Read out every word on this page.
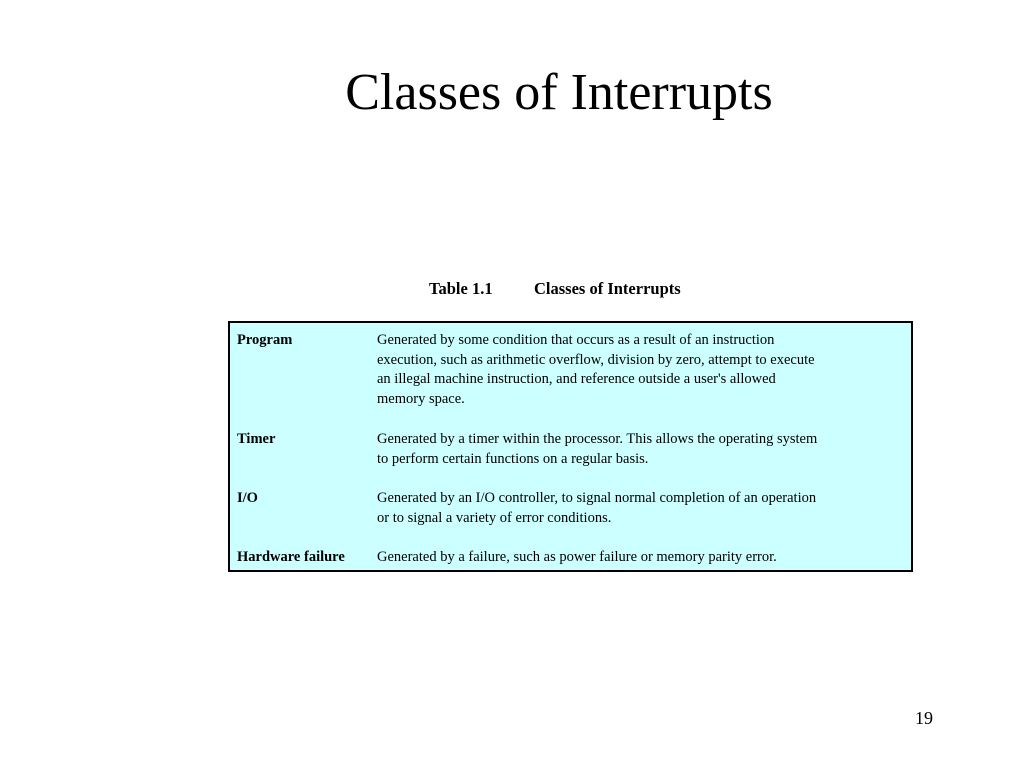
Classes of Interrupts
Table 1.1	Classes of Interrupts
Program	Generated by some condition that occurs as a result of an instruction
execution, such as arithmetic overflow, division by zero, attempt to execute
an illegal machine instruction, and reference outside a user's allowed
memory space.
Timer	Generated by a timer within the processor. This allows the operating system
to perform certain functions on a regular basis.
I/O	Generated by an I/O controller, to signal normal completion of an operation
or to signal a variety of error conditions.
Hardware failure Generated by a failure, such as power failure or memory parity error.
19
